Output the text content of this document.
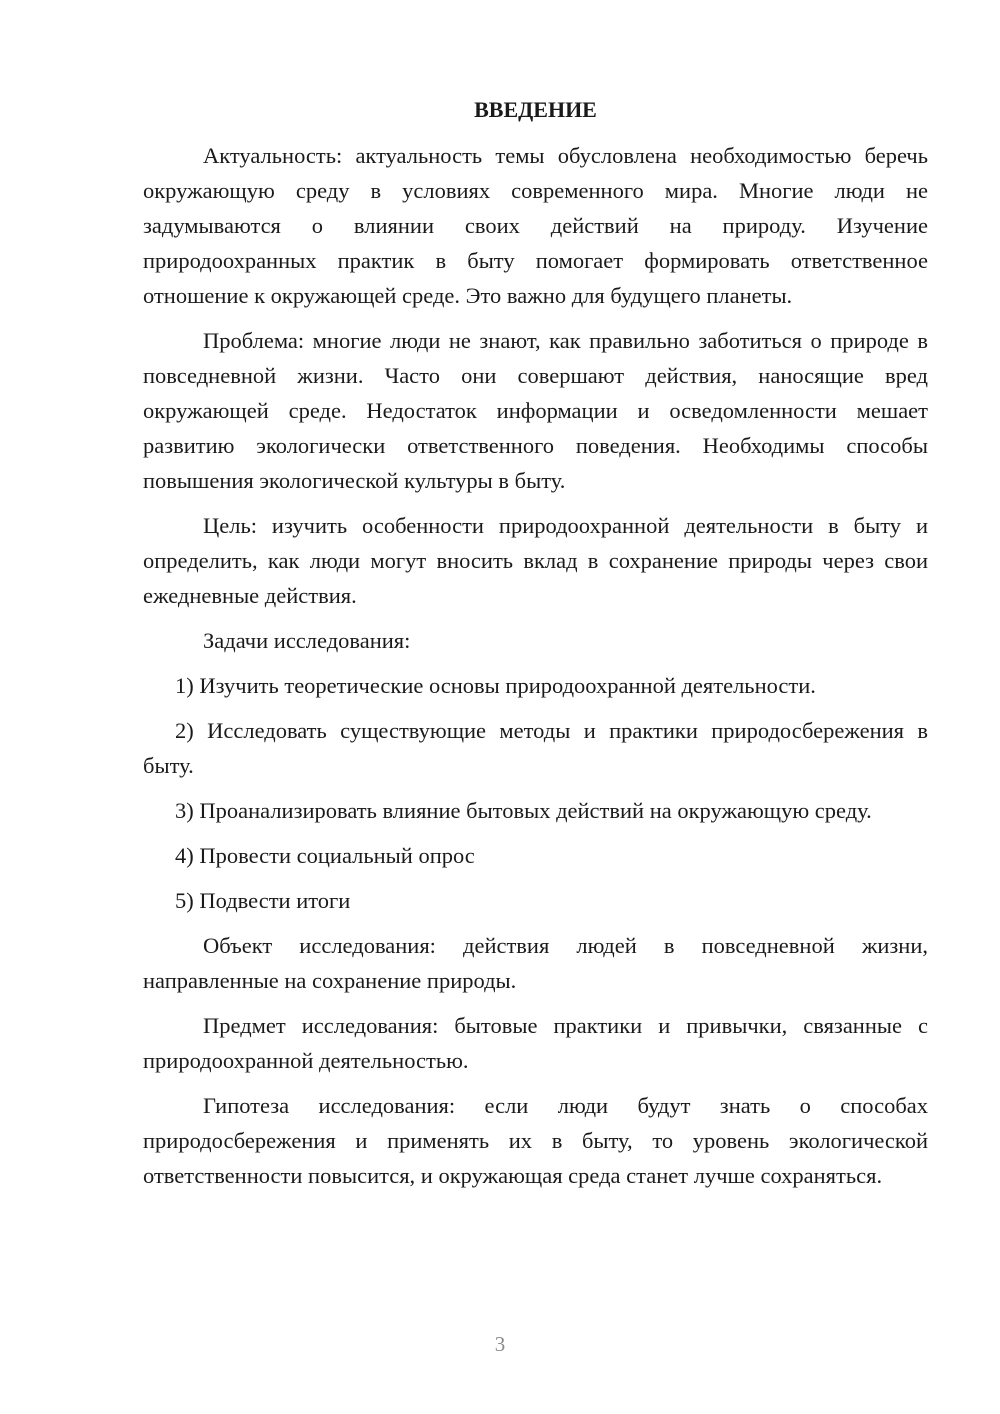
ВВЕДЕНИЕ

Актуальность: актуальность темы обусловлена необходимостью беречь окружающую среду в условиях современного мира. Многие люди не задумываются о влиянии своих действий на природу. Изучение природоохранных практик в быту помогает формировать ответственное отношение к окружающей среде. Это важно для будущего планеты.

Проблема: многие люди не знают, как правильно заботиться о природе в повседневной жизни. Часто они совершают действия, наносящие вред окружающей среде. Недостаток информации и осведомленности мешает развитию экологически ответственного поведения. Необходимы способы повышения экологической культуры в быту.

Цель: изучить особенности природоохранной деятельности в быту и определить, как люди могут вносить вклад в сохранение природы через свои ежедневные действия.

Задачи исследования:

1) Изучить теоретические основы природоохранной деятельности.

2) Исследовать существующие методы и практики природосбережения в быту.

3) Проанализировать влияние бытовых действий на окружающую среду.

4) Провести социальный опрос

5) Подвести итоги

Объект исследования: действия людей в повседневной жизни, направленные на сохранение природы.

Предмет исследования: бытовые практики и привычки, связанные с природоохранной деятельностью.

Гипотеза исследования: если люди будут знать о способах природосбережения и применять их в быту, то уровень экологической ответственности повысится, и окружающая среда станет лучше сохраняться.

3
